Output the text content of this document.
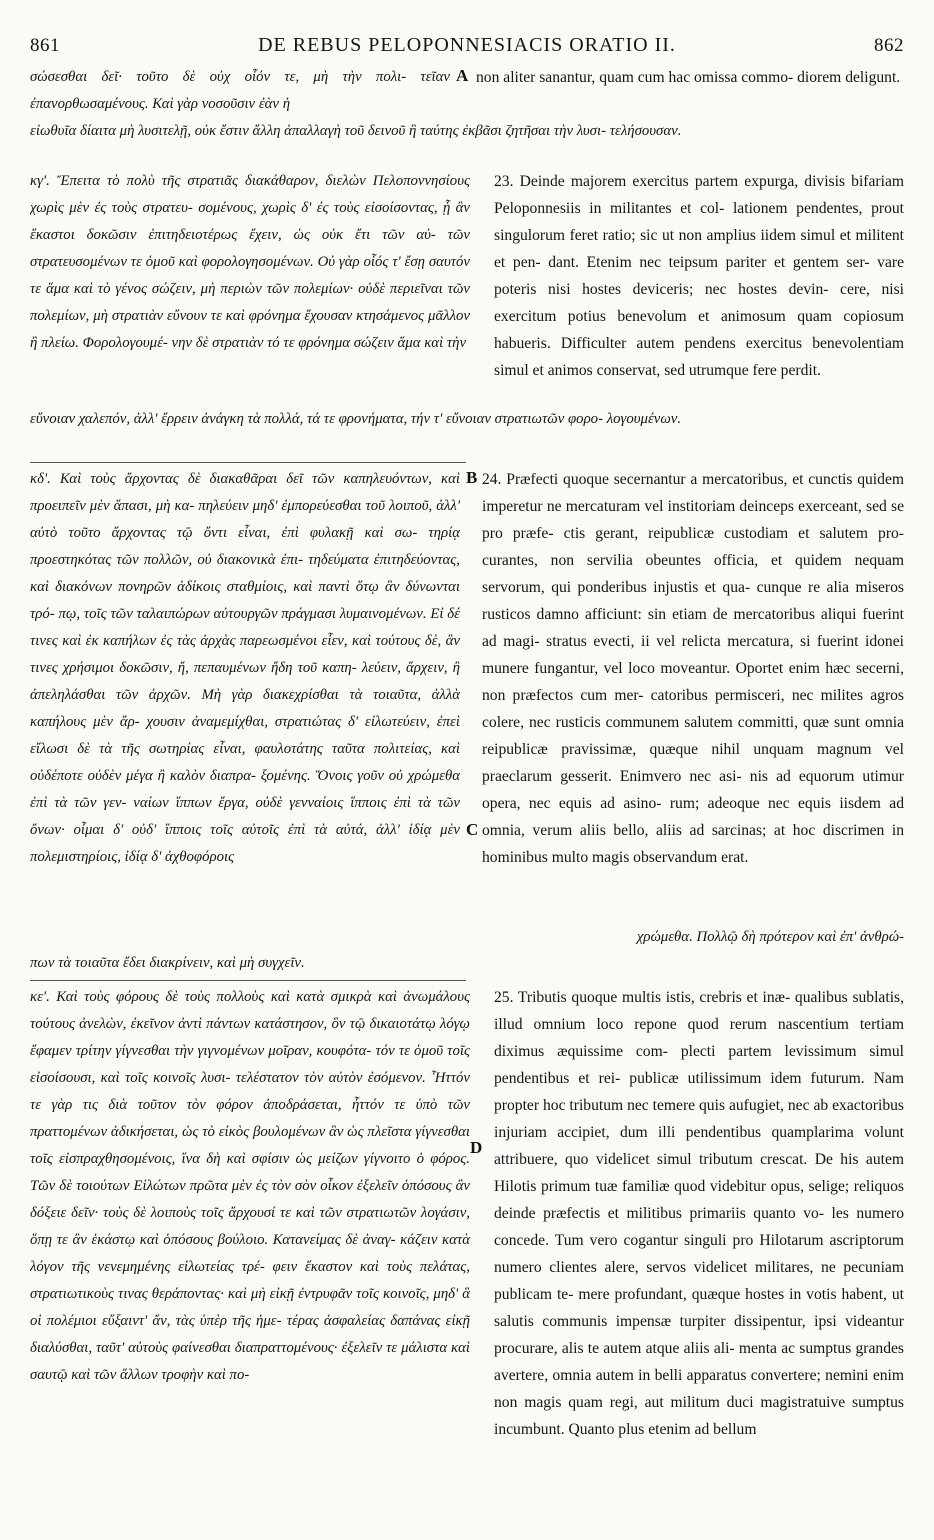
861	DE REBUS PELOPONNESIACIS ORATIO II.	862

σώσεσθαι δεῖ· τοῦτο δὲ οὐχ οἷόν τε, μὴ τὴν πολι- τεῖαν ἐπανορθωσαμένους. Καὶ γὰρ νοσοῦσιν ἐὰν ἡ

A non aliter sanantur, quam cum hac omissa commo- diorem deligunt.

εἰωθυῖα δίαιτα μὴ λυσιτελῇ, οὐκ ἔστιν ἄλλη ἀπαλλαγὴ τοῦ δεινοῦ ἢ ταύτης ἐκβᾶσι ζητῆσαι τὴν λυσι- τελήσουσαν.

κγ'. Ἔπειτα τὸ πολὺ τῆς στρατιᾶς διακάθαρον, διελὼν Πελοποννησίους χωρὶς μὲν ἐς τοὺς στρατευ- σομένους, χωρὶς δ' ἐς τοὺς εἰσοίσοντας, ᾗ ἂν ἕκαστοι δοκῶσιν ἐπιτηδειοτέρως ἔχειν, ὡς οὐκ ἔτι τῶν αὐ- τῶν στρατευσομένων τε ὁμοῦ καὶ φορολογησομένων. Οὐ γὰρ οἷός τ' ἔσῃ σαυτόν τε ἅμα καὶ τὸ γένος σώζειν, μὴ περιὼν τῶν πολεμίων· οὐδὲ περιεῖναι τῶν πολεμίων, μὴ στρατιὰν εὔνουν τε καὶ φρόνημα ἔχουσαν κτησάμενος μᾶλλον ἢ πλείω. Φορολογουμέ- νην δὲ στρατιὰν τό τε φρόνημα σώζειν ἅμα καὶ τὴν

23. Deinde majorem exercitus partem expurga, divisis bifariam Peloponnesiis in militantes et col- lationem pendentes, prout singulorum feret ratio; sic ut non amplius iidem simul et militent et pen- dant. Etenim nec teipsum pariter et gentem ser- vare poteris nisi hostes deviceris; nec hostes devin- cere, nisi exercitum potius benevolum et animosum quam copiosum habueris. Difficulter autem pendens exercitus benevolentiam simul et animos conservat, sed utrumque fere perdit.

εὔνοιαν χαλεπόν, ἀλλ' ἔρρειν ἀνάγκη τὰ πολλά, τά τε φρονήματα, τήν τ' εὔνοιαν στρατιωτῶν φορο- λογουμένων.

κδ'. Καὶ τοὺς ἄρχοντας δὲ διακαθᾶραι δεῖ τῶν καπηλευόντων, καὶ προειπεῖν μὲν ἅπασι, μὴ κα- πηλεύειν μηδ' ἐμπορεύεσθαι τοῦ λοιποῦ, ἀλλ' αὐτὸ τοῦτο ἄρχοντας τῷ ὄντι εἶναι, ἐπὶ φυλακῇ καὶ σω- τηρίᾳ προεστηκότας τῶν πολλῶν, οὐ διακονικὰ ἐπι- τηδεύματα ἐπιτηδεύοντας, καὶ διακόνων πονηρῶν ἀδίκοις σταθμίοις, καὶ παντὶ ὅτῳ ἂν δύνωνται τρό- πῳ, τοῖς τῶν ταλαιπώρων αὐτουργῶν πράγμασι λυμαινομένων. Εἰ δέ τινες καὶ ἐκ καπήλων ἐς τὰς ἀρχὰς παρεωσμένοι εἶεν, καὶ τούτους δὲ, ἂν τινες χρήσιμοι δοκῶσιν, ἤ, πεπαυμένων ἤδη τοῦ καπη- λεύειν, ἄρχειν, ἢ ἀπεληλάσθαι τῶν ἀρχῶν. Μὴ γὰρ διακεχρίσθαι τὰ τοιαῦτα, ἀλλὰ καπήλους μὲν ἄρ- χουσιν ἀναμεμίχθαι, στρατιώτας δ' εἰλωτεύειν, ἐπεὶ εἴλωσι δὲ τὰ τῆς σωτηρίας εἶναι, φαυλοτάτης ταῦτα πολιτείας, καὶ οὐδέποτε οὐδὲν μέγα ἢ καλὸν διαπρα- ξομένης. Ὄνοις γοῦν οὐ χρώμεθα ἐπὶ τὰ τῶν γεν- ναίων ἵππων ἔργα, οὐδὲ γενναίοις ἵπποις ἐπὶ τὰ τῶν ὄνων· οἶμαι δ' οὐδ' ἵπποις τοῖς αὐτοῖς ἐπὶ τὰ αὐτά, ἀλλ' ἰδίᾳ μὲν πολεμιστηρίοις, ἰδίᾳ δ' ἀχθοφόροις

B
C

24. Præfecti quoque secernantur a mercatoribus, et cunctis quidem imperetur ne mercaturam vel institoriam deinceps exerceant, sed se pro præfe- ctis gerant, reipublicæ custodiam et salutem pro- curantes, non servilia obeuntes officia, et quidem nequam servorum, qui ponderibus injustis et qua- cunque re alia miseros rusticos damno afficiunt: sin etiam de mercatoribus aliqui fuerint ad magi- stratus evecti, ii vel relicta mercatura, si fuerint idonei munere fungantur, vel loco moveantur. Oportet enim hæc secerni, non præfectos cum mer- catoribus permisceri, nec milites agros colere, nec rusticis communem salutem committi, quæ sunt omnia reipublicæ pravissimæ, quæque nihil unquam magnum vel praeclarum gesserit. Enimvero nec asi- nis ad equorum utimur opera, nec equis ad asino- rum; adeoque nec equis iisdem ad omnia, verum aliis bello, aliis ad sarcinas; at hoc discrimen in hominibus multo magis observandum erat.

χρώμεθα. Πολλῷ δὴ πρότερον καὶ ἐπ' ἀνθρώ-

πων τὰ τοιαῦτα ἔδει διακρίνειν, καὶ μὴ συγχεῖν.

κε'. Καὶ τοὺς φόρους δὲ τοὺς πολλοὺς καὶ κατὰ σμικρὰ καὶ ἀνωμάλους τούτους ἀνελὼν, ἐκεῖνον ἀντὶ πάντων κατάστησον, ὃν τῷ δικαιοτάτῳ λόγῳ ἔφαμεν τρίτην γίγνεσθαι τὴν γιγνομένων μοῖραν, κουφότα- τόν τε ὁμοῦ τοῖς εἰσοίσουσι, καὶ τοῖς κοινοῖς λυσι- τελέστατον τὸν αὐτὸν ἐσόμενον. Ἧττόν τε γὰρ τις διὰ τοῦτον τὸν φόρον ἀποδράσεται, ἧττόν τε ὑπὸ τῶν πραττομένων ἀδικήσεται, ὡς τὸ εἰκὸς βουλομένων ἂν ὡς πλεῖστα γίγνεσθαι τοῖς εἰσπραχθησομένοις, ἵνα δὴ καὶ σφίσιν ὡς μείζων γίγνοιτο ὁ φόρος. Τῶν δὲ τοιούτων Εἱλώτων πρῶτα μὲν ἐς τὸν σὸν οἶκον ἐξελεῖν ὁπόσους ἂν δόξειε δεῖν· τοὺς δὲ λοιποὺς τοῖς ἄρχουσί τε καὶ τῶν στρατιωτῶν λογάσιν, ὅπῃ τε ἂν ἑκάστῳ καὶ ὁπόσους βούλοιο. Κατανείμας δὲ ἀναγ- κάζειν κατὰ λόγον τῆς νενεμημένης εἱλωτείας τρέ- φειν ἕκαστον καὶ τοὺς πελάτας, στρατιωτικοὺς τινας θεράποντας· καὶ μὴ εἰκῇ ἐντρυφᾶν τοῖς κοινοῖς, μηδ' ἃ οἱ πολέμιοι εὔξαιντ' ἄν, τὰς ὑπὲρ τῆς ἡμε- τέρας ἀσφαλείας δαπάνας εἰκῇ διαλύσθαι, ταῦτ' αὐτοὺς φαίνεσθαι διαπραττομένους· ἐξελεῖν τε μάλιστα καὶ σαυτῷ καὶ τῶν ἄλλων τροφὴν καὶ πο-

D

25. Tributis quoque multis istis, crebris et inæ- qualibus sublatis, illud omnium loco repone quod rerum nascentium tertiam diximus æquissime com- plecti partem levissimum simul pendentibus et rei- publicæ utilissimum idem futurum. Nam propter hoc tributum nec temere quis aufugiet, nec ab exactoribus injuriam accipiet, dum illi pendentibus quamplarima volunt attribuere, quo videlicet simul tributum crescat. De his autem Hilotis primum tuæ familiæ quod videbitur opus, selige; reliquos deinde præfectis et militibus primariis quanto vo- les numero concede. Tum vero cogantur singuli pro Hilotarum ascriptorum numero clientes alere, servos videlicet militares, ne pecuniam publicam te- mere profundant, quæque hostes in votis habent, ut salutis communis impensæ turpiter dissipentur, ipsi videantur procurare, alis te autem atque aliis ali- menta ac sumptus grandes avertere, omnia autem in belli apparatus convertere; nemini enim non magis quam regi, aut militum duci magistratuive sumptus incumbunt. Quanto plus etenim ad bellum
